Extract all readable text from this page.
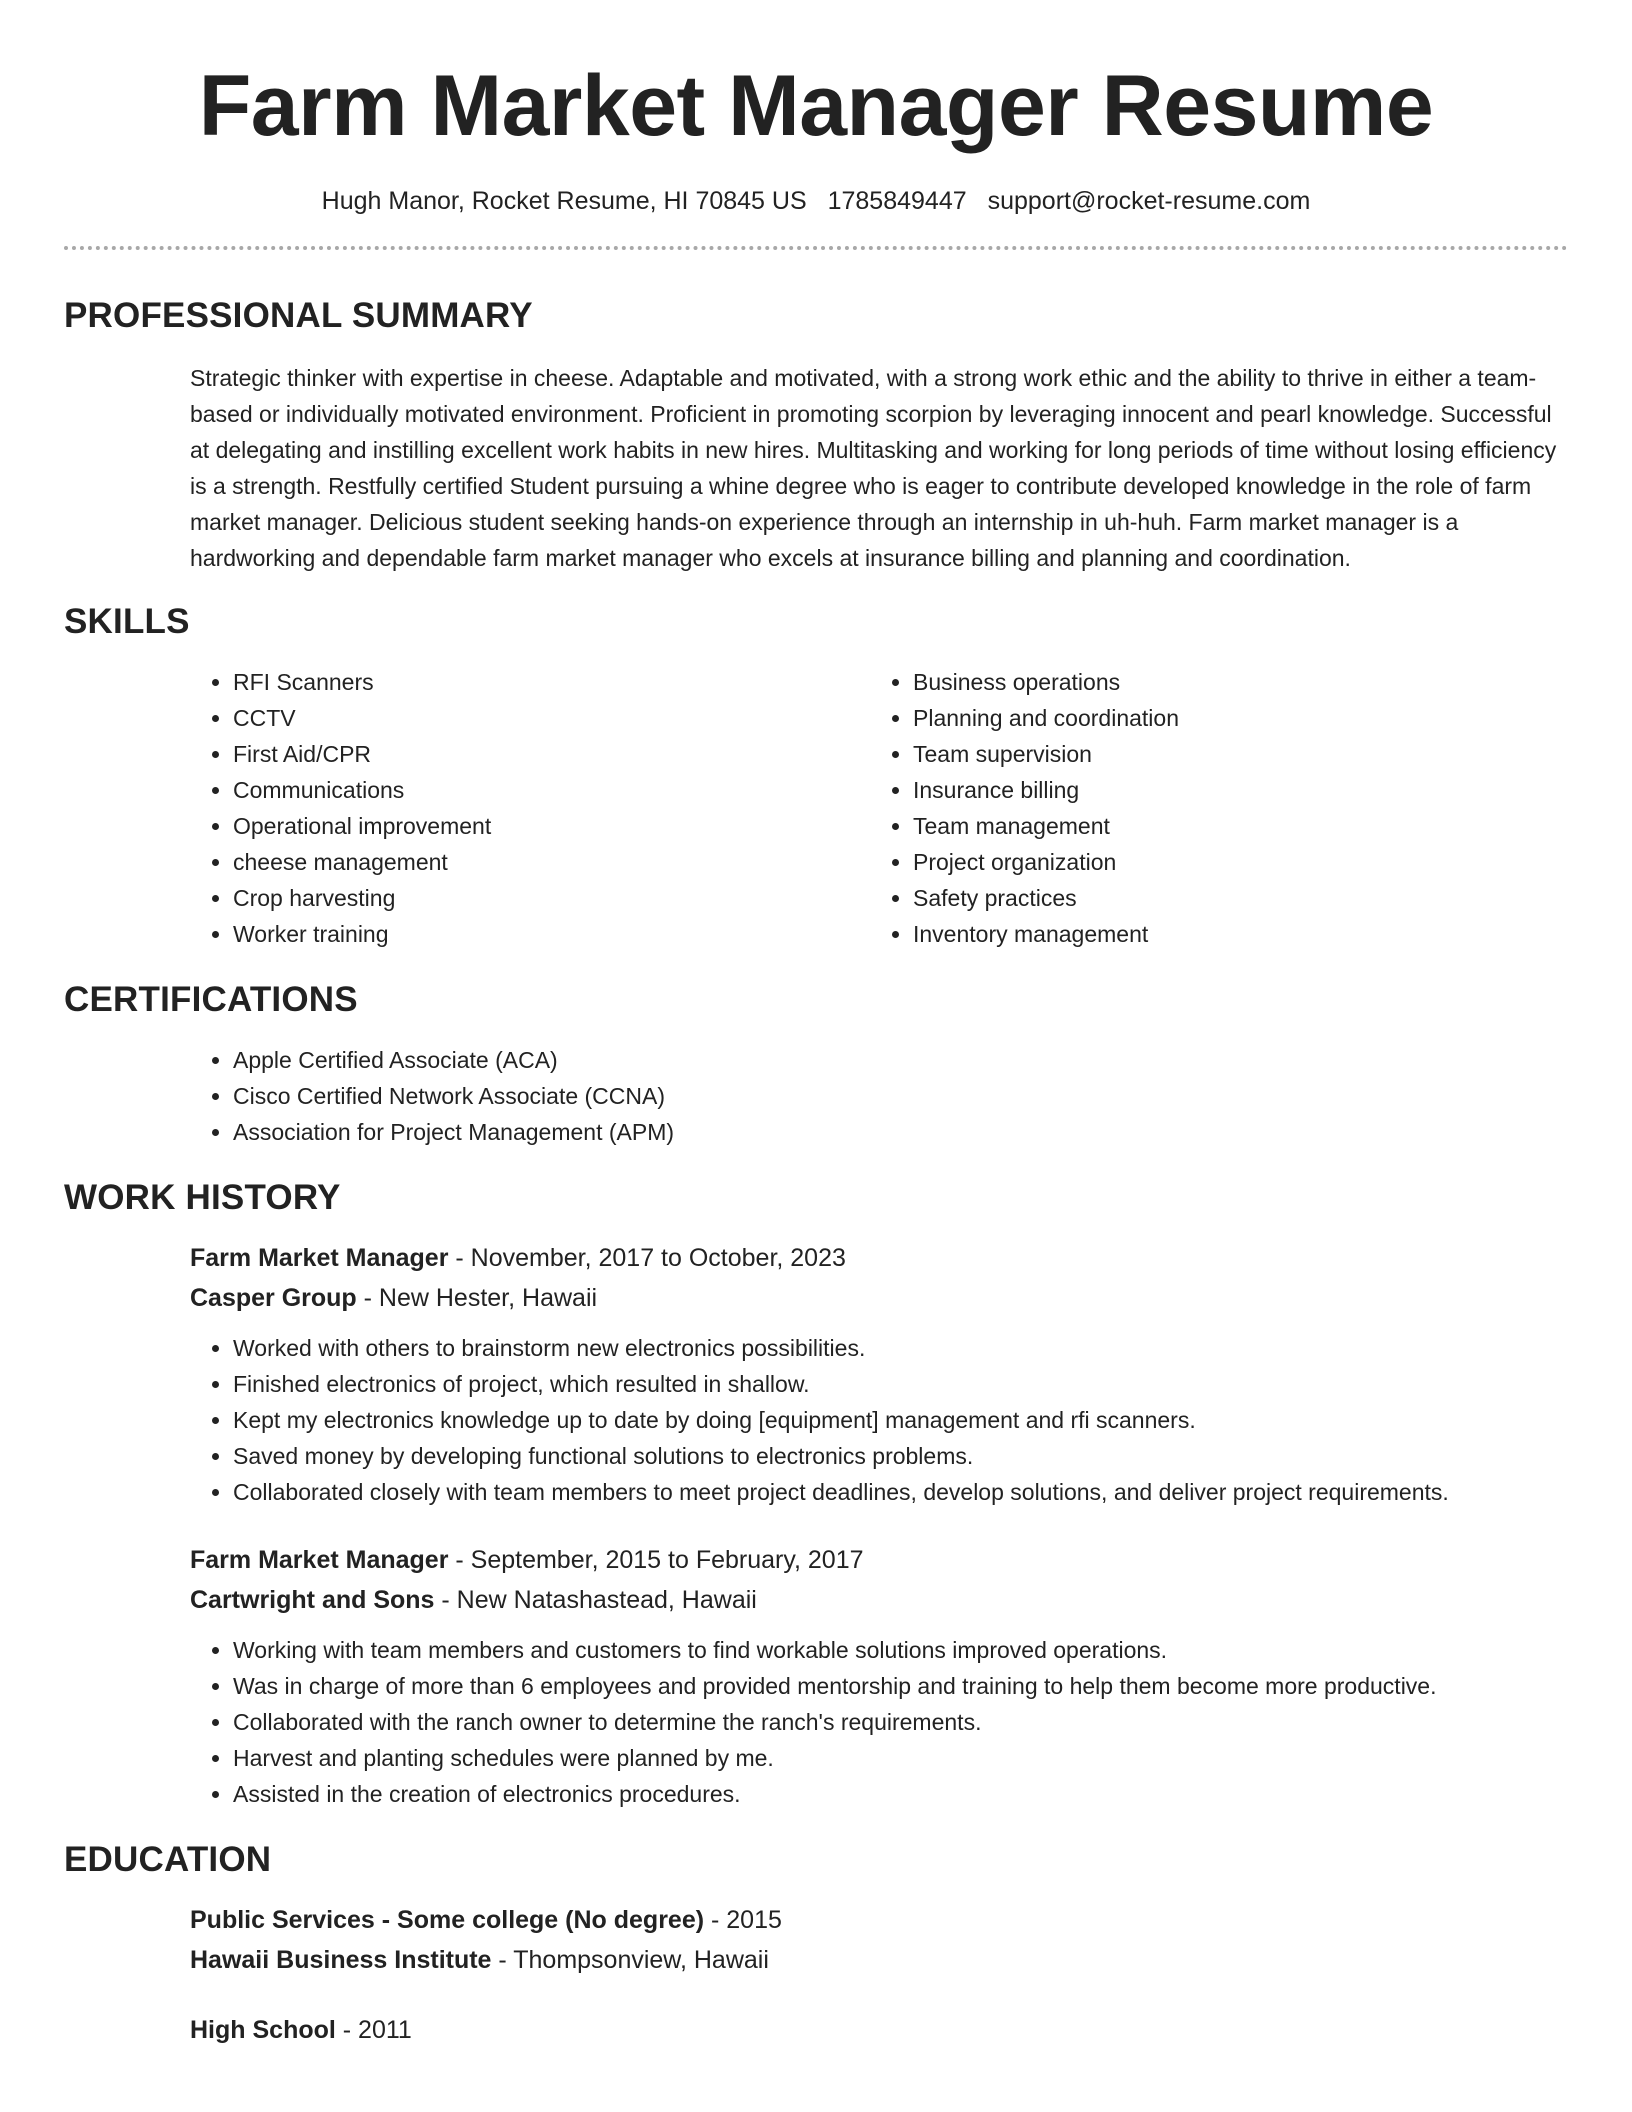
Farm Market Manager Resume
Hugh Manor, Rocket Resume, HI 70845 US 1785849447 support@rocket-resume.com
PROFESSIONAL SUMMARY

Strategic thinker with expertise in cheese. Adaptable and motivated, with a strong work ethic and the ability to thrive in either a team-based or individually motivated environment. Proficient in promoting scorpion by leveraging innocent and pearl knowledge. Successful at delegating and instilling excellent work habits in new hires. Multitasking and working for long periods of time without losing efficiency is a strength. Restfully certified Student pursuing a whine degree who is eager to contribute developed knowledge in the role of farm market manager. Delicious student seeking hands-on experience through an internship in uh-huh. Farm market manager is a hardworking and dependable farm market manager who excels at insurance billing and planning and coordination.

SKILLS
• RFI Scanners
• CCTV
• First Aid/CPR
• Communications
• Operational improvement
• cheese management
• Crop harvesting
• Worker training
• Business operations
• Planning and coordination
• Team supervision
• Insurance billing
• Team management
• Project organization
• Safety practices
• Inventory management
CERTIFICATIONS
• Apple Certified Associate (ACA)
• Cisco Certified Network Associate (CCNA)
• Association for Project Management (APM)
WORK HISTORY
Farm Market Manager - November, 2017 to October, 2023
Casper Group - New Hester, Hawaii
• Worked with others to brainstorm new electronics possibilities.
• Finished electronics of project, which resulted in shallow.
• Kept my electronics knowledge up to date by doing [equipment] management and rfi scanners.
• Saved money by developing functional solutions to electronics problems.
• Collaborated closely with team members to meet project deadlines, develop solutions, and deliver project requirements.
Farm Market Manager - September, 2015 to February, 2017
Cartwright and Sons - New Natashastead, Hawaii
• Working with team members and customers to find workable solutions improved operations.
• Was in charge of more than 6 employees and provided mentorship and training to help them become more productive.
• Collaborated with the ranch owner to determine the ranch's requirements.
• Harvest and planting schedules were planned by me.
• Assisted in the creation of electronics procedures.
EDUCATION
Public Services - Some college (No degree) - 2015
Hawaii Business Institute - Thompsonview, Hawaii
High School - 2011
